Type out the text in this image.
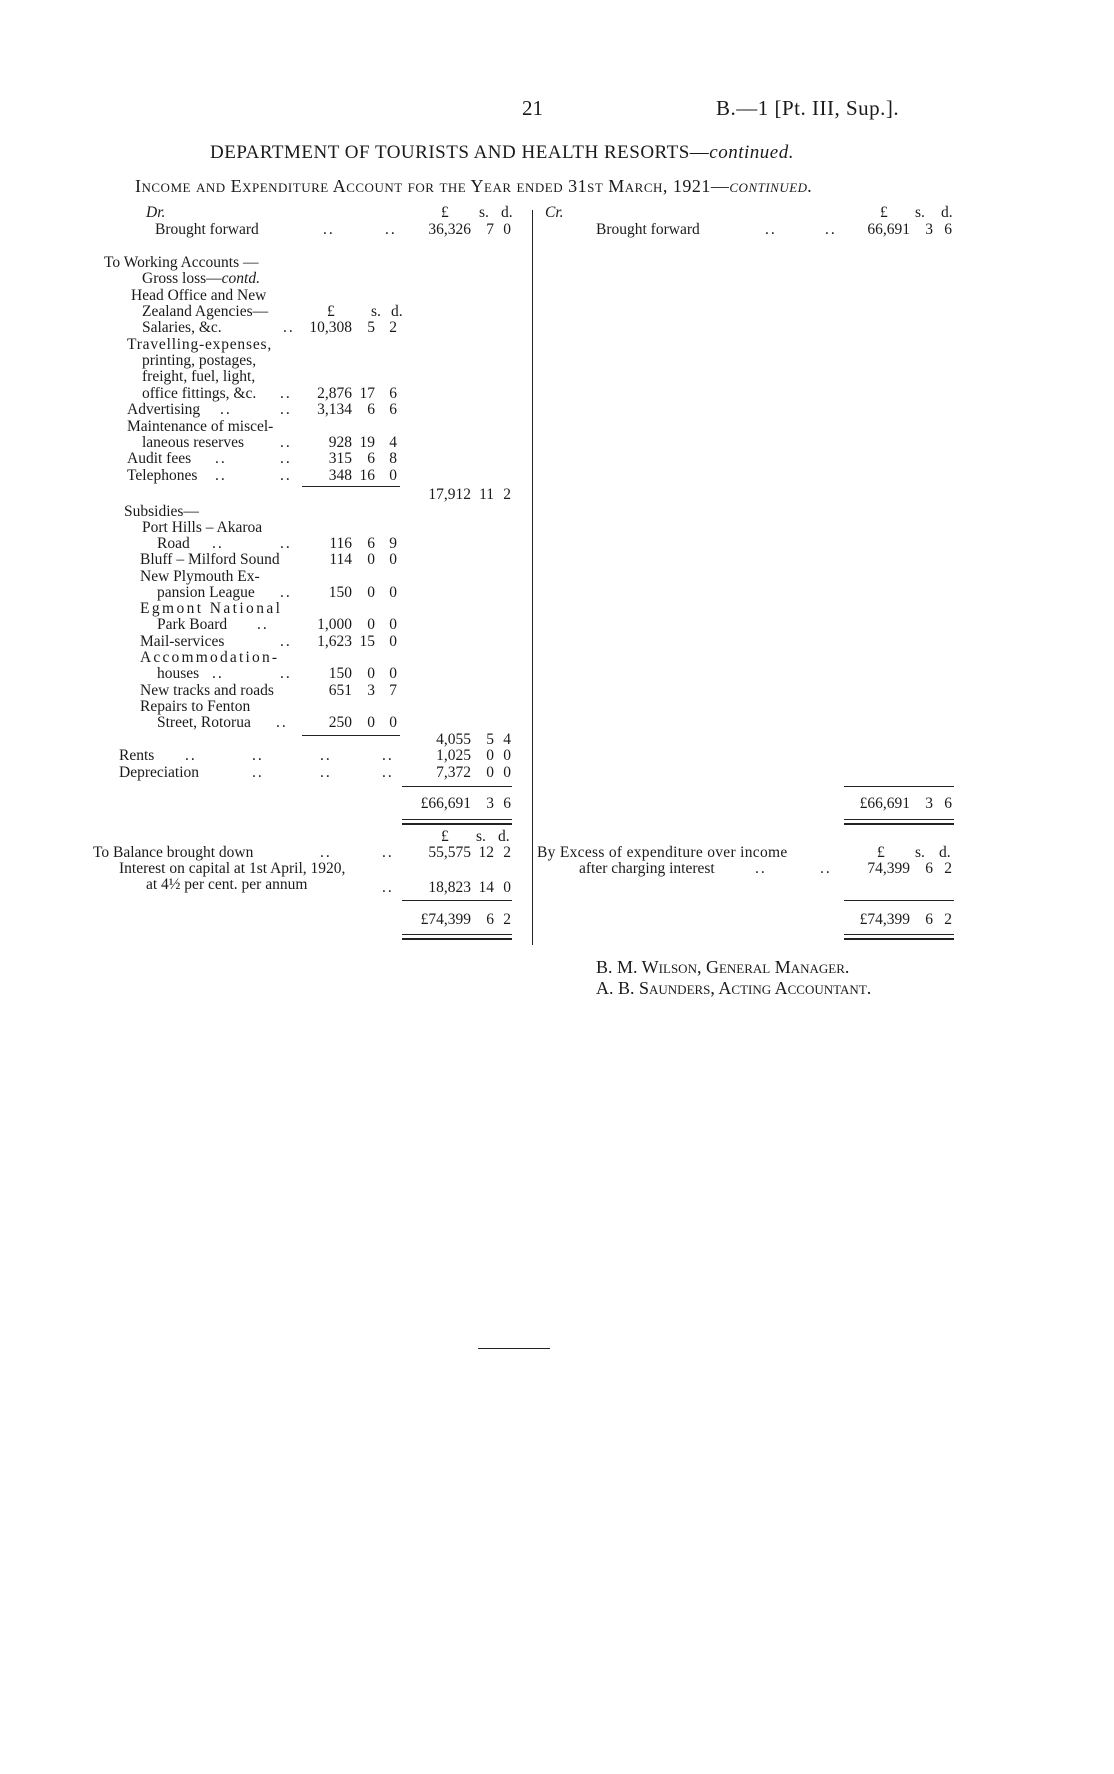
21	B.—1 [Pt. III, Sup.].
DEPARTMENT OF TOURISTS AND HEALTH RESORTS—continued.
Income and Expenditure Account for the Year ended 31st March, 1921—continued.
Dr.	£ s. d.
Brought forward	..	..	36,326 7 0
To Working Accounts —
Gross loss—contd.
Head Office and New
Zealand Agencies—	£ s. d.
Salaries, &c.	.. 10,308 5 2
Travelling-expenses,
printing, postages,
freight, fuel, light,
office fittings, &c. ..	2,876 17 6
Advertising ..	..	3,134 6 6
Maintenance of miscel-
laneous reserves ..	928 19 4
Audit fees ..	..	315 6 8
Telephones ..	..	348 16 0
17,912 11 2
Subsidies—
Port Hills – Akaroa
Road ..	..	116 6 9
Bluff – Milford Sound	114 0 0
New Plymouth Ex-
pansion League ..	150 0 0
Egmont National
Park Board ..	1,000 0 0
Mail-services	..	1,623 15 0
Accommodation-
houses ..	..	150 0 0
New tracks and roads	651 3 7
Repairs to Fenton
Street, Rotorua ..	250 0 0
4,055 5 4
Rents ..	..	..	..	1,025 0 0
Depreciation	..	..	..	7,372 0 0
£66,691 3 6
£ s. d.
To Balance brought down	..	..	55,575 12 2
Interest on capital at 1st April, 1920,
at 4½ per cent. per annum	..	18,823 14 0
£74,399 6 2
Cr.	£ s. d.
Brought forward	..	..	66,691 3 6
£66,691 3 6
£ s. d.
By Excess of expenditure over income
after charging interest	..	..	74,399 6 2
£74,399 6 2
B. M. Wilson, General Manager.
A. B. Saunders, Acting Accountant.
